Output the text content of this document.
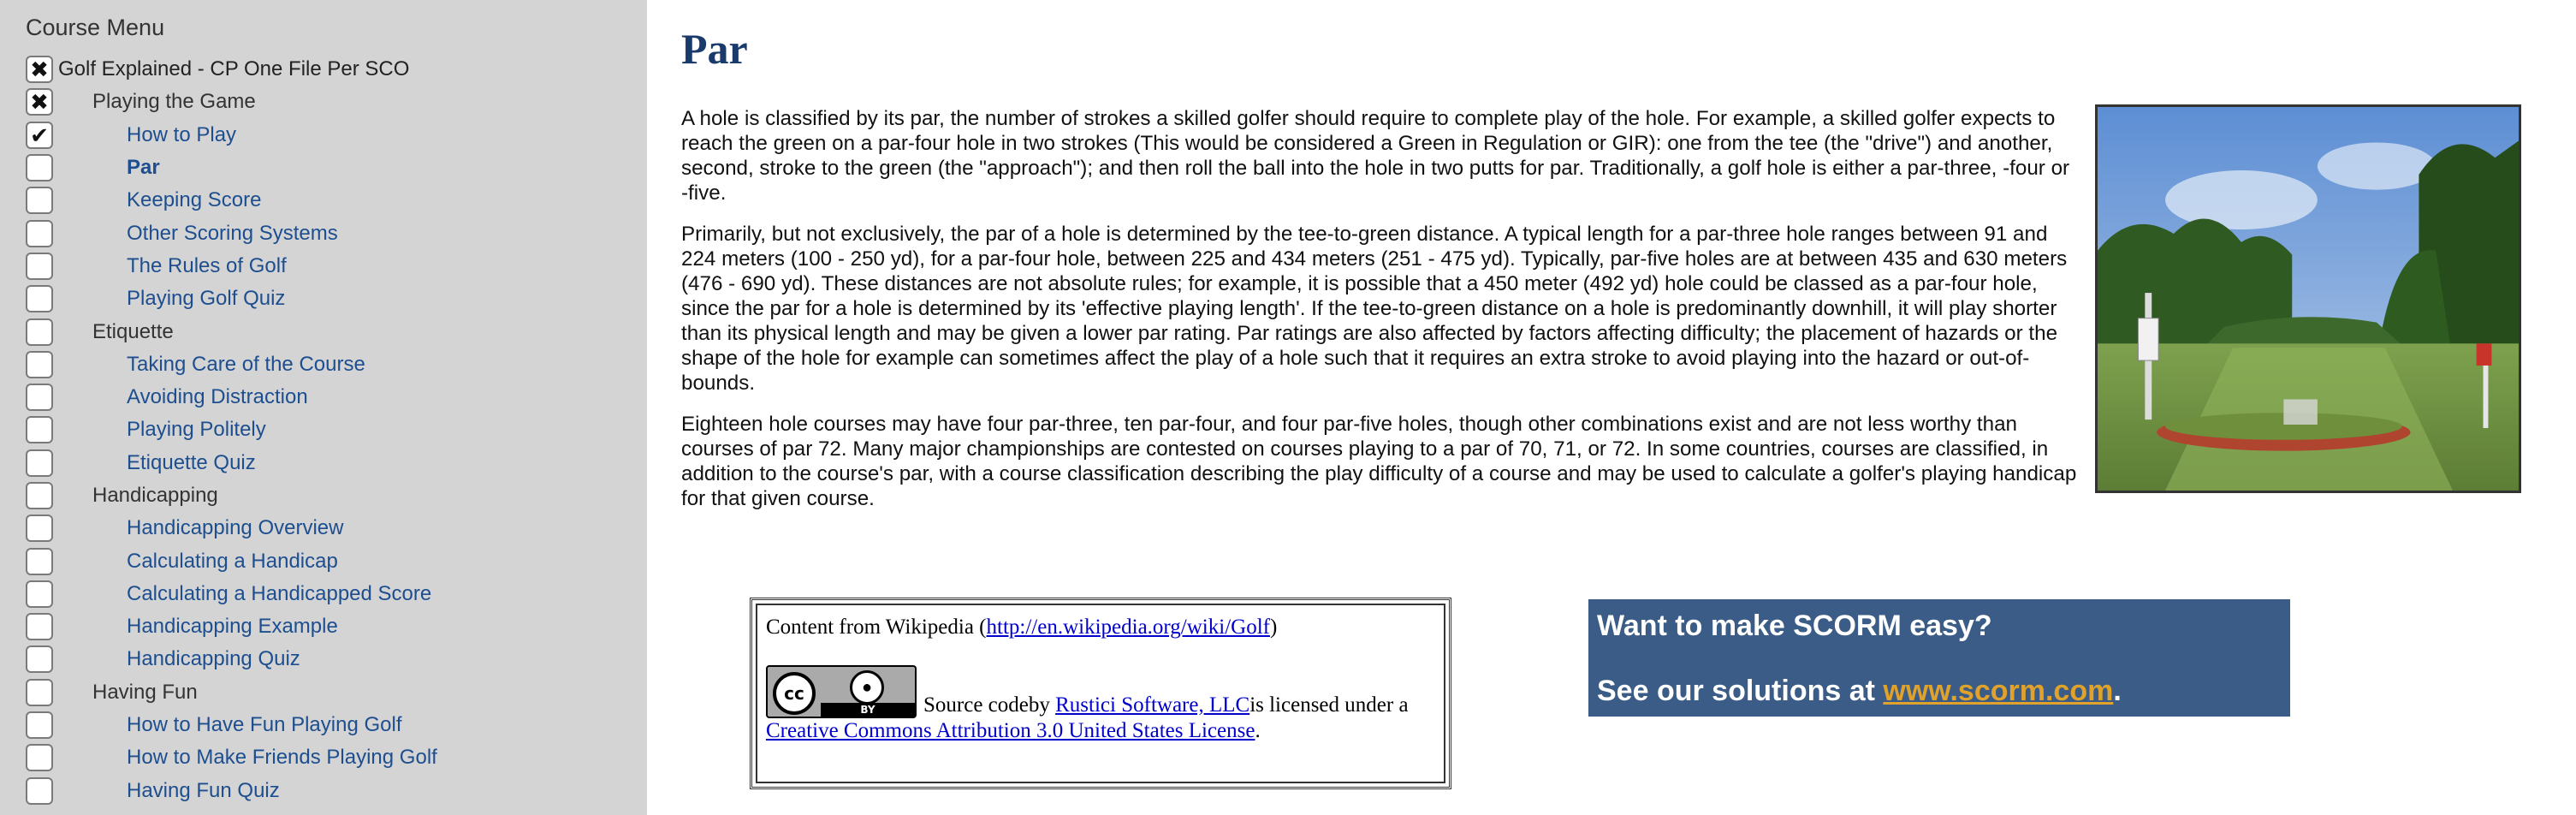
Course Menu
✖ Golf Explained - CP One File Per SCO
✖ Playing the Game
✔	How to Play
Par
Keeping Score
Other Scoring Systems
The Rules of Golf
Playing Golf Quiz
Etiquette
Taking Care of the Course
Avoiding Distraction
Playing Politely
Etiquette Quiz
Handicapping
Handicapping Overview
Calculating a Handicap
Calculating a Handicapped Score
Handicapping Example
Handicapping Quiz
Having Fun
How to Have Fun Playing Golf
How to Make Friends Playing Golf
Having Fun Quiz
Par

A hole is classified by its par, the number of strokes a skilled golfer should require to complete play of the hole. For example, a skilled golfer expects to reach the green on a par-four hole in two strokes (This would be considered a Green in Regulation or GIR): one from the tee (the "drive") and another, second, stroke to the green (the "approach"); and then roll the ball into the hole in two putts for par. Traditionally, a golf hole is either a par-three, -four or -five.

Primarily, but not exclusively, the par of a hole is determined by the tee-to-green distance. A typical length for a par-three hole ranges between 91 and 224 meters (100 - 250 yd), for a par-four hole, between 225 and 434 meters (251 - 475 yd). Typically, par-five holes are at between 435 and 630 meters (476 - 690 yd). These distances are not absolute rules; for example, it is possible that a 450 meter (492 yd) hole could be classed as a par-four hole, since the par for a hole is determined by its 'effective playing length'. If the tee-to-green distance on a hole is predominantly downhill, it will play shorter than its physical length and may be given a lower par rating. Par ratings are also affected by factors affecting difficulty; the placement of hazards or the shape of the hole for example can sometimes affect the play of a hole such that it requires an extra stroke to avoid playing into the hazard or out-of-bounds.

Eighteen hole courses may have four par-three, ten par-four, and four par-five holes, though other combinations exist and are not less worthy than courses of par 72. Many major championships are contested on courses playing to a par of 70, 71, or 72. In some countries, courses are classified, in addition to the course's par, with a course classification describing the play difficulty of a course and may be used to calculate a golfer's playing handicap for that given course.

Content from Wikipedia (http://en.wikipedia.org/wiki/Golf)
cc	●
BY	Source codeby Rustici Software, LLCis licensed under a
Creative Commons Attribution 3.0 United States License.
Want to make SCORM easy?
See our solutions at www.scorm.com.
